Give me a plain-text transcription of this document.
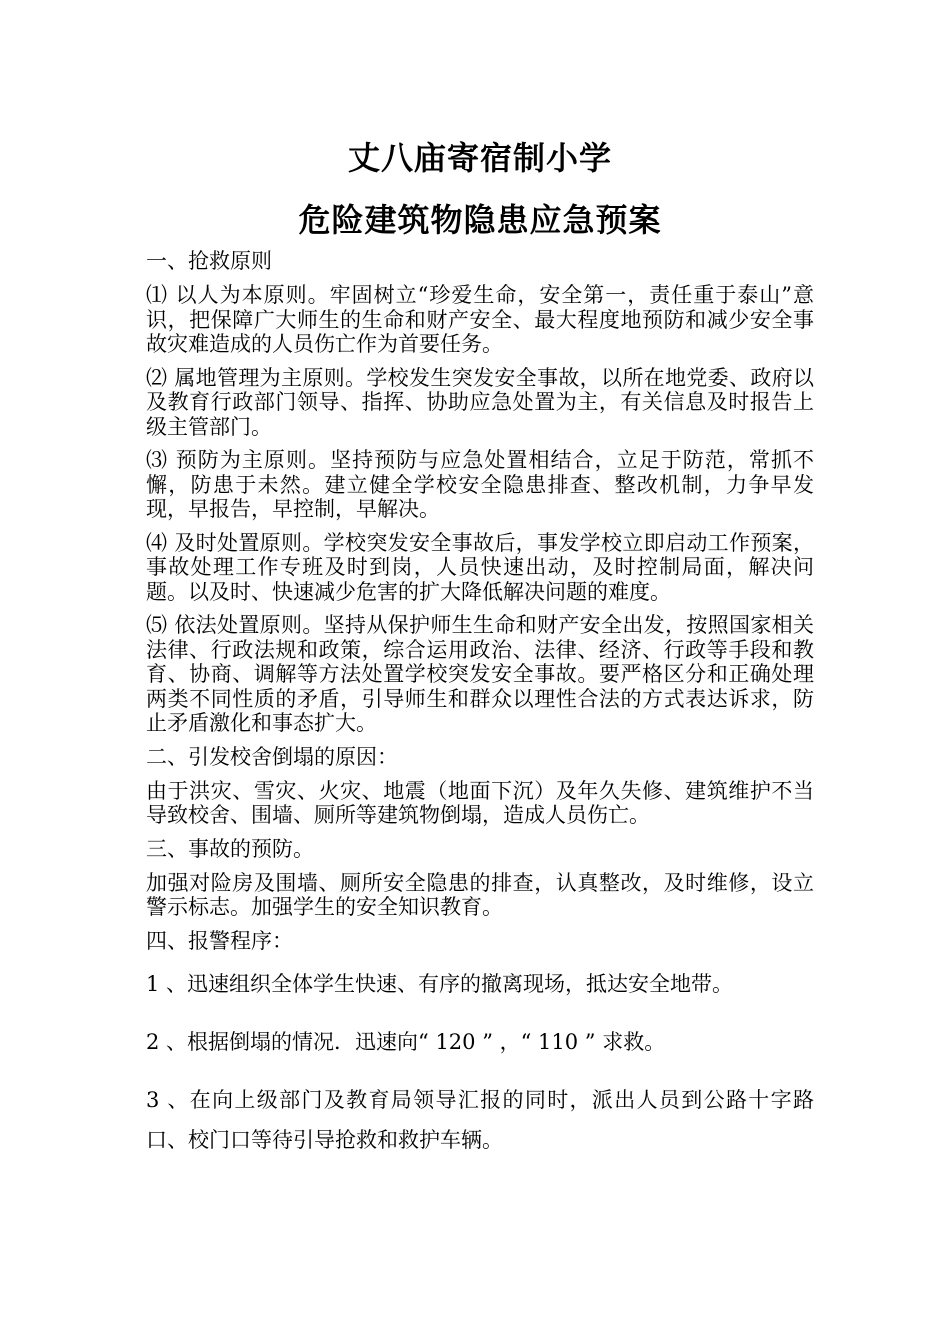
丈八庙寄宿制小学
危险建筑物隐患应急预案

一、抢救原则

⑴ 以人为本原则。牢固树立“珍爱生命，安全第一，责任重于泰山”意识，把保障广大师生的生命和财产安全、最大程度地预防和减少安全事故灾难造成的人员伤亡作为首要任务。

⑵ 属地管理为主原则。学校发生突发安全事故，以所在地党委、政府以及教育行政部门领导、指挥、协助应急处置为主，有关信息及时报告上级主管部门。

⑶ 预防为主原则。坚持预防与应急处置相结合，立足于防范，常抓不懈，防患于未然。建立健全学校安全隐患排查、整改机制，力争早发现，早报告，早控制，早解决。

⑷ 及时处置原则。学校突发安全事故后，事发学校立即启动工作预案，事故处理工作专班及时到岗，人员快速出动，及时控制局面，解决问题。以及时、快速减少危害的扩大降低解决问题的难度。

⑸ 依法处置原则。坚持从保护师生生命和财产安全出发，按照国家相关法律、行政法规和政策，综合运用政治、法律、经济、行政等手段和教育、协商、调解等方法处置学校突发安全事故。要严格区分和正确处理两类不同性质的矛盾，引导师生和群众以理性合法的方式表达诉求，防止矛盾激化和事态扩大。

二、引发校舍倒塌的原因：

由于洪灾、雪灾、火灾、地震（地面下沉）及年久失修、建筑维护不当导致校舍、围墙、厕所等建筑物倒塌，造成人员伤亡。

三、事故的预防。

加强对险房及围墙、厕所安全隐患的排查，认真整改，及时维修，设立警示标志。加强学生的安全知识教育。

四、报警程序：

1 、迅速组织全体学生快速、有序的撤离现场，抵达安全地带。

2 、根据倒塌的情况．迅速向“ 120 ” ，“ 110 ” 求救。

3 、在向上级部门及教育局领导汇报的同时，派出人员到公路十字路口、校门口等待引导抢救和救护车辆。
